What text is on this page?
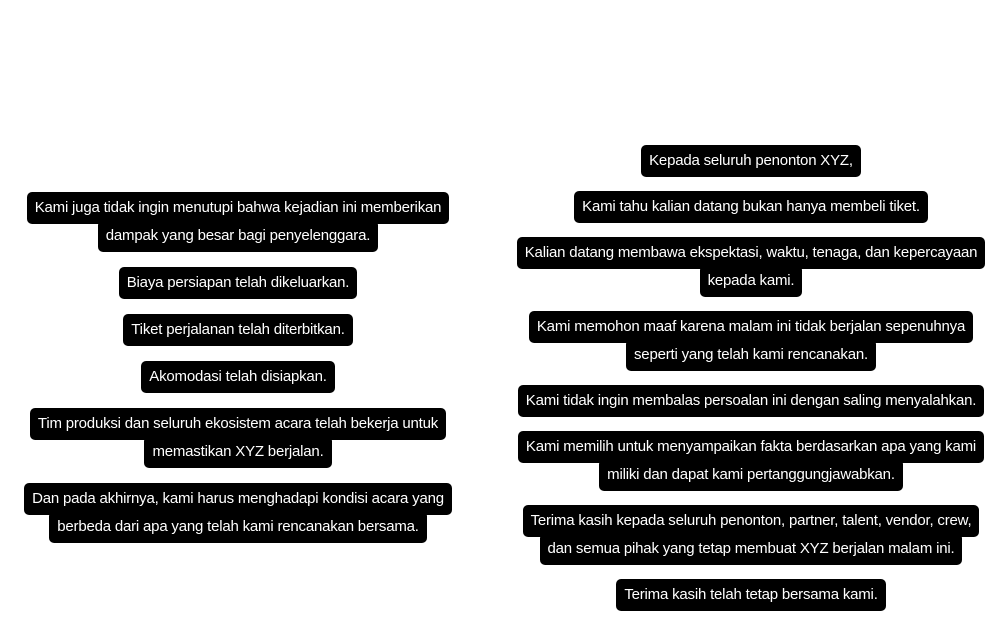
Kami juga tidak ingin menutupi bahwa kejadian ini memberikan
dampak yang besar bagi penyelenggara.
Biaya persiapan telah dikeluarkan.
Tiket perjalanan telah diterbitkan.
Akomodasi telah disiapkan.
Tim produksi dan seluruh ekosistem acara telah bekerja untuk
memastikan XYZ berjalan.
Dan pada akhirnya, kami harus menghadapi kondisi acara yang
berbeda dari apa yang telah kami rencanakan bersama.
Kepada seluruh penonton XYZ,
Kami tahu kalian datang bukan hanya membeli tiket.
Kalian datang membawa ekspektasi, waktu, tenaga, dan kepercayaan
kepada kami.
Kami memohon maaf karena malam ini tidak berjalan sepenuhnya
seperti yang telah kami rencanakan.
Kami tidak ingin membalas persoalan ini dengan saling menyalahkan.
Kami memilih untuk menyampaikan fakta berdasarkan apa yang kami
miliki dan dapat kami pertanggungjawabkan.
Terima kasih kepada seluruh penonton, partner, talent, vendor, crew,
dan semua pihak yang tetap membuat XYZ berjalan malam ini.
Terima kasih telah tetap bersama kami.
